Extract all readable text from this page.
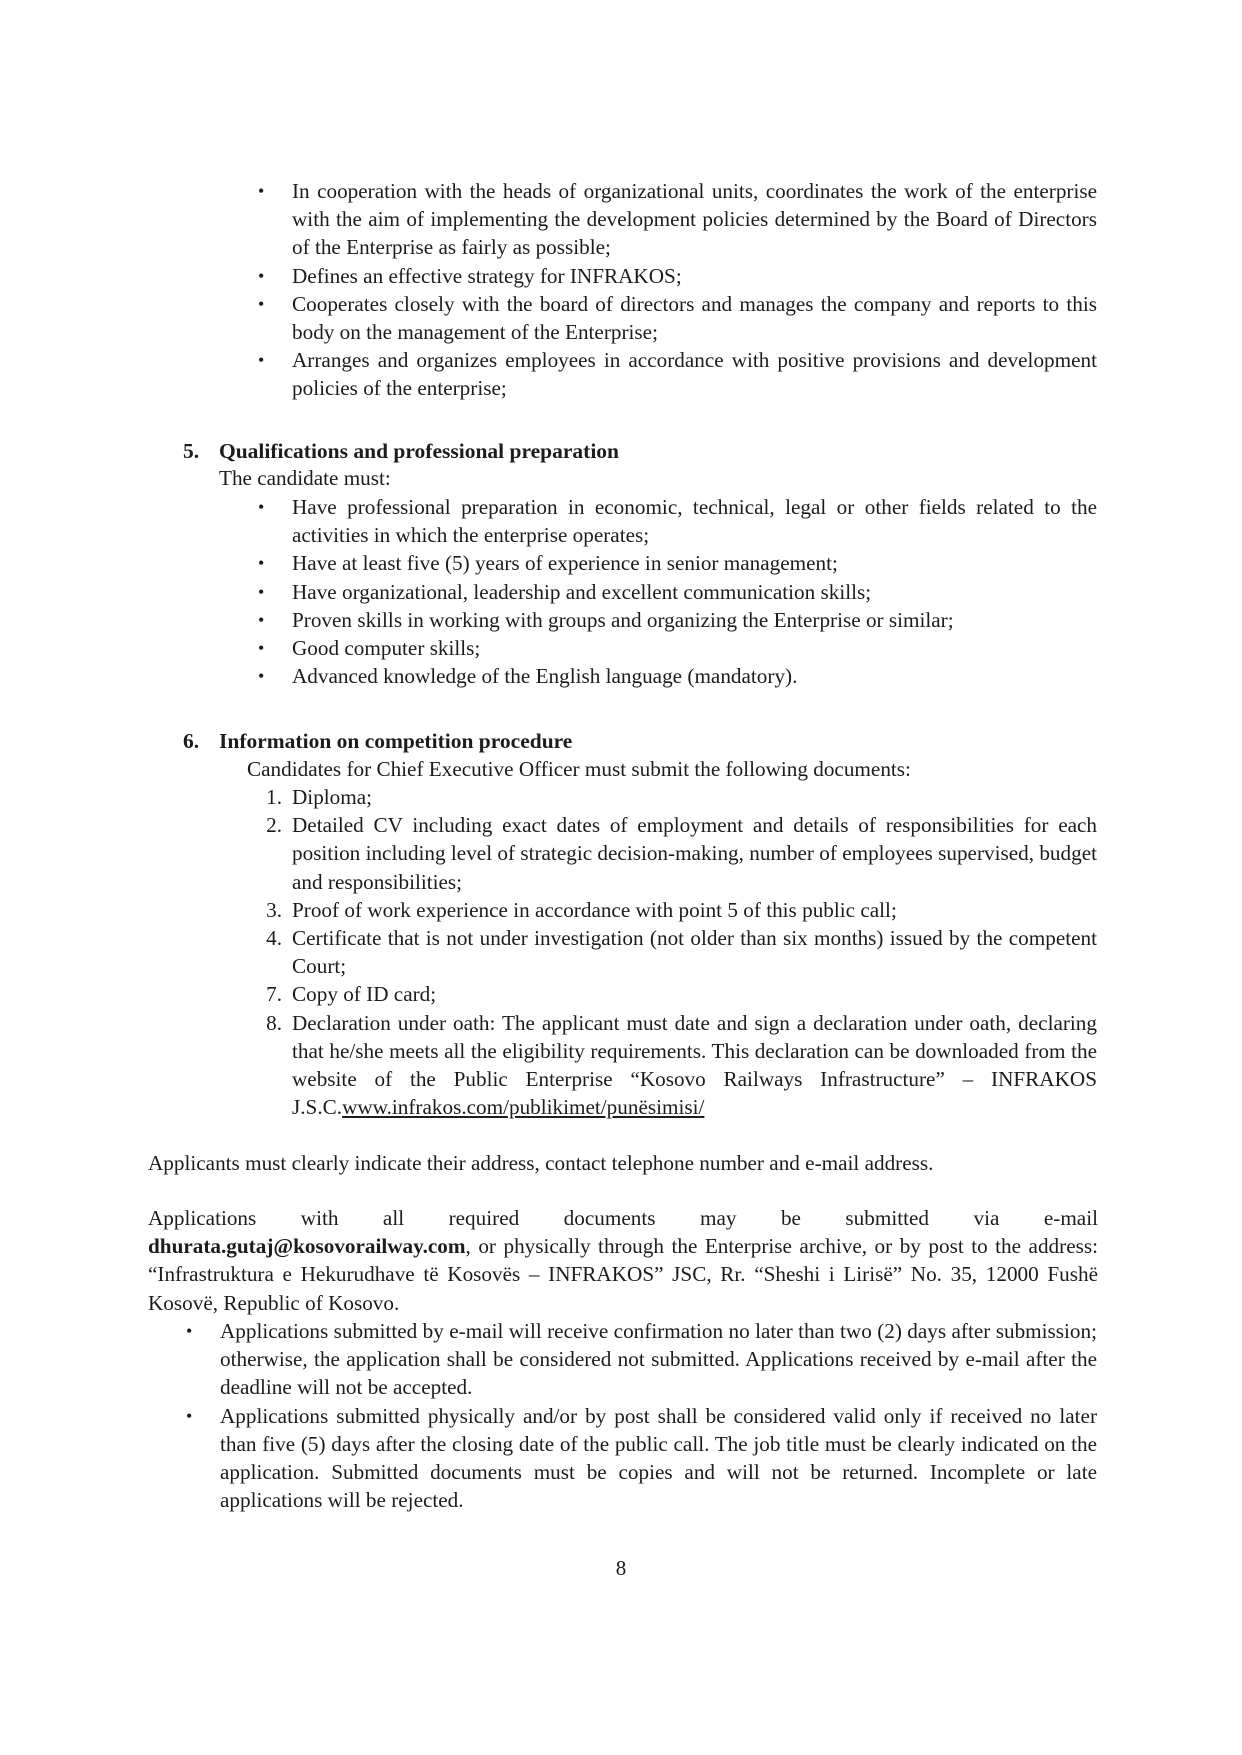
• In cooperation with the heads of organizational units, coordinates the work of the enterprise with the aim of implementing the development policies determined by the Board of Directors of the Enterprise as fairly as possible;
• Defines an effective strategy for INFRAKOS;
• Cooperates closely with the board of directors and manages the company and reports to this body on the management of the Enterprise;
• Arranges and organizes employees in accordance with positive provisions and development policies of the enterprise;
5. Qualifications and professional preparation

The candidate must:

• Have professional preparation in economic, technical, legal or other fields related to the activities in which the enterprise operates;
• Have at least five (5) years of experience in senior management;
• Have organizational, leadership and excellent communication skills;
• Proven skills in working with groups and organizing the Enterprise or similar;
• Good computer skills;
• Advanced knowledge of the English language (mandatory).
6. Information on competition procedure

Candidates for Chief Executive Officer must submit the following documents:

1. Diploma;
2. Detailed CV including exact dates of employment and details of responsibilities for each position including level of strategic decision-making, number of employees supervised, budget and responsibilities;
3. Proof of work experience in accordance with point 5 of this public call;
4. Certificate that is not under investigation (not older than six months) issued by the competent Court;
7. Copy of ID card;
8. Declaration under oath: The applicant must date and sign a declaration under oath, declaring that he/she meets all the eligibility requirements. This declaration can be downloaded from the website of the Public Enterprise “Kosovo Railways Infrastructure” – INFRAKOS J.S.C.www.infrakos.com/publikimet/punësimisi/

Applicants must clearly indicate their address, contact telephone number and e-mail address.

Applications with all required documents may be submitted via e-mail
dhurata.gutaj@kosovorailway.com, or physically through the Enterprise archive, or by post to the address: “Infrastruktura e Hekurudhave të Kosovës – INFRAKOS” JSC, Rr. “Sheshi i Lirisë” No. 35, 12000 Fushë Kosovë, Republic of Kosovo.

• Applications submitted by e-mail will receive confirmation no later than two (2) days after submission; otherwise, the application shall be considered not submitted. Applications received by e-mail after the deadline will not be accepted.
• Applications submitted physically and/or by post shall be considered valid only if received no later than five (5) days after the closing date of the public call. The job title must be clearly indicated on the application. Submitted documents must be copies and will not be returned. Incomplete or late applications will be rejected.
8
